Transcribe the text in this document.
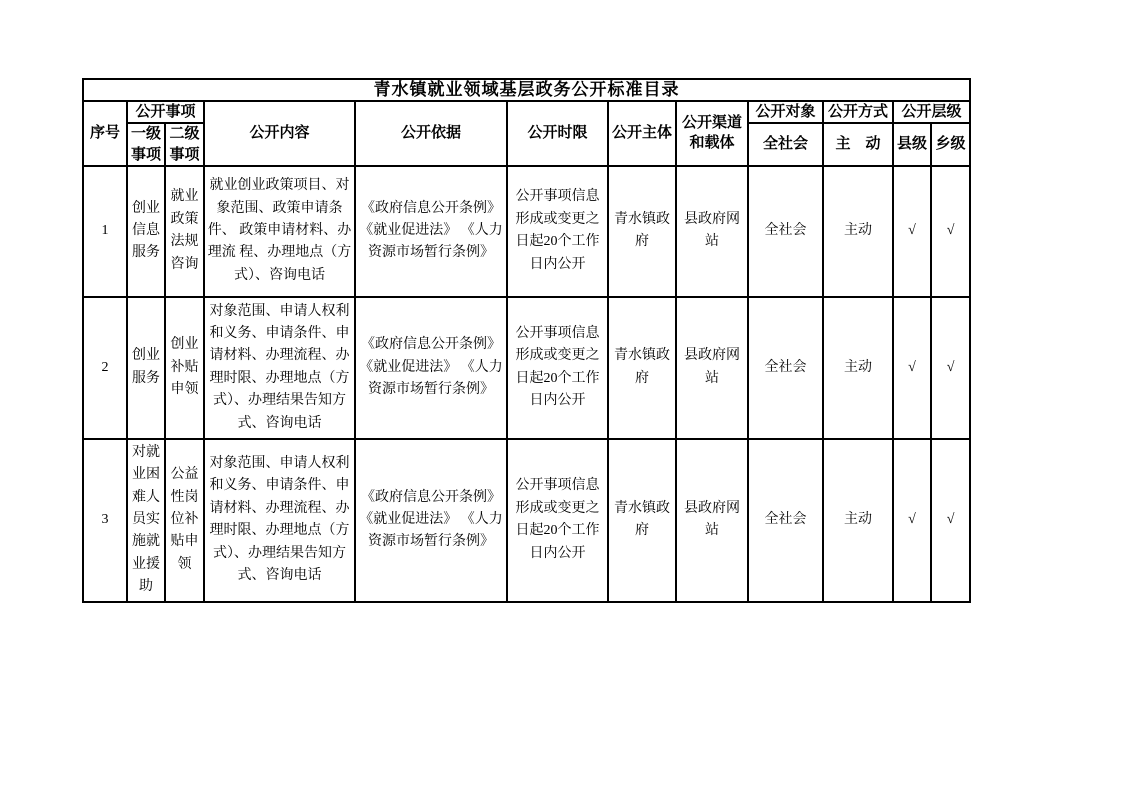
青水镇就业领域基层政务公开标准目录											
序号	公开事项		公开内容	公开依据	公开时限	公开主体	公开渠道和载体	公开对象	公开方式	公开层级	
	一级事项	二级事项						全社会	主　动	县级	乡级
1	创业信息服务	就业政策法规咨询	就业创业政策项目、对象范围、政策申请条件、 政策申请材料、办理流 程、办理地点（方式）、咨询电话	《政府信息公开条例》《就业促进法》 《人力资源市场暂行条例》	公开事项信息形成或变更之日起20个工作日内公开	青水镇政府	县政府网站	全社会	主动	√	√
2	创业服务	创业补贴申领	对象范围、申请人权利和义务、申请条件、申请材料、办理流程、办理时限、办理地点（方式）、办理结果告知方式、咨询电话	《政府信息公开条例》《就业促进法》 《人力资源市场暂行条例》	公开事项信息形成或变更之日起20个工作日内公开	青水镇政府	县政府网站	全社会	主动	√	√
3	对就业困难人员实施就业援助	公益性岗位补贴申领	对象范围、申请人权利和义务、申请条件、申请材料、办理流程、办理时限、办理地点（方式）、办理结果告知方式、咨询电话	《政府信息公开条例》《就业促进法》 《人力资源市场暂行条例》	公开事项信息形成或变更之日起20个工作日内公开	青水镇政府	县政府网站	全社会	主动	√	√
